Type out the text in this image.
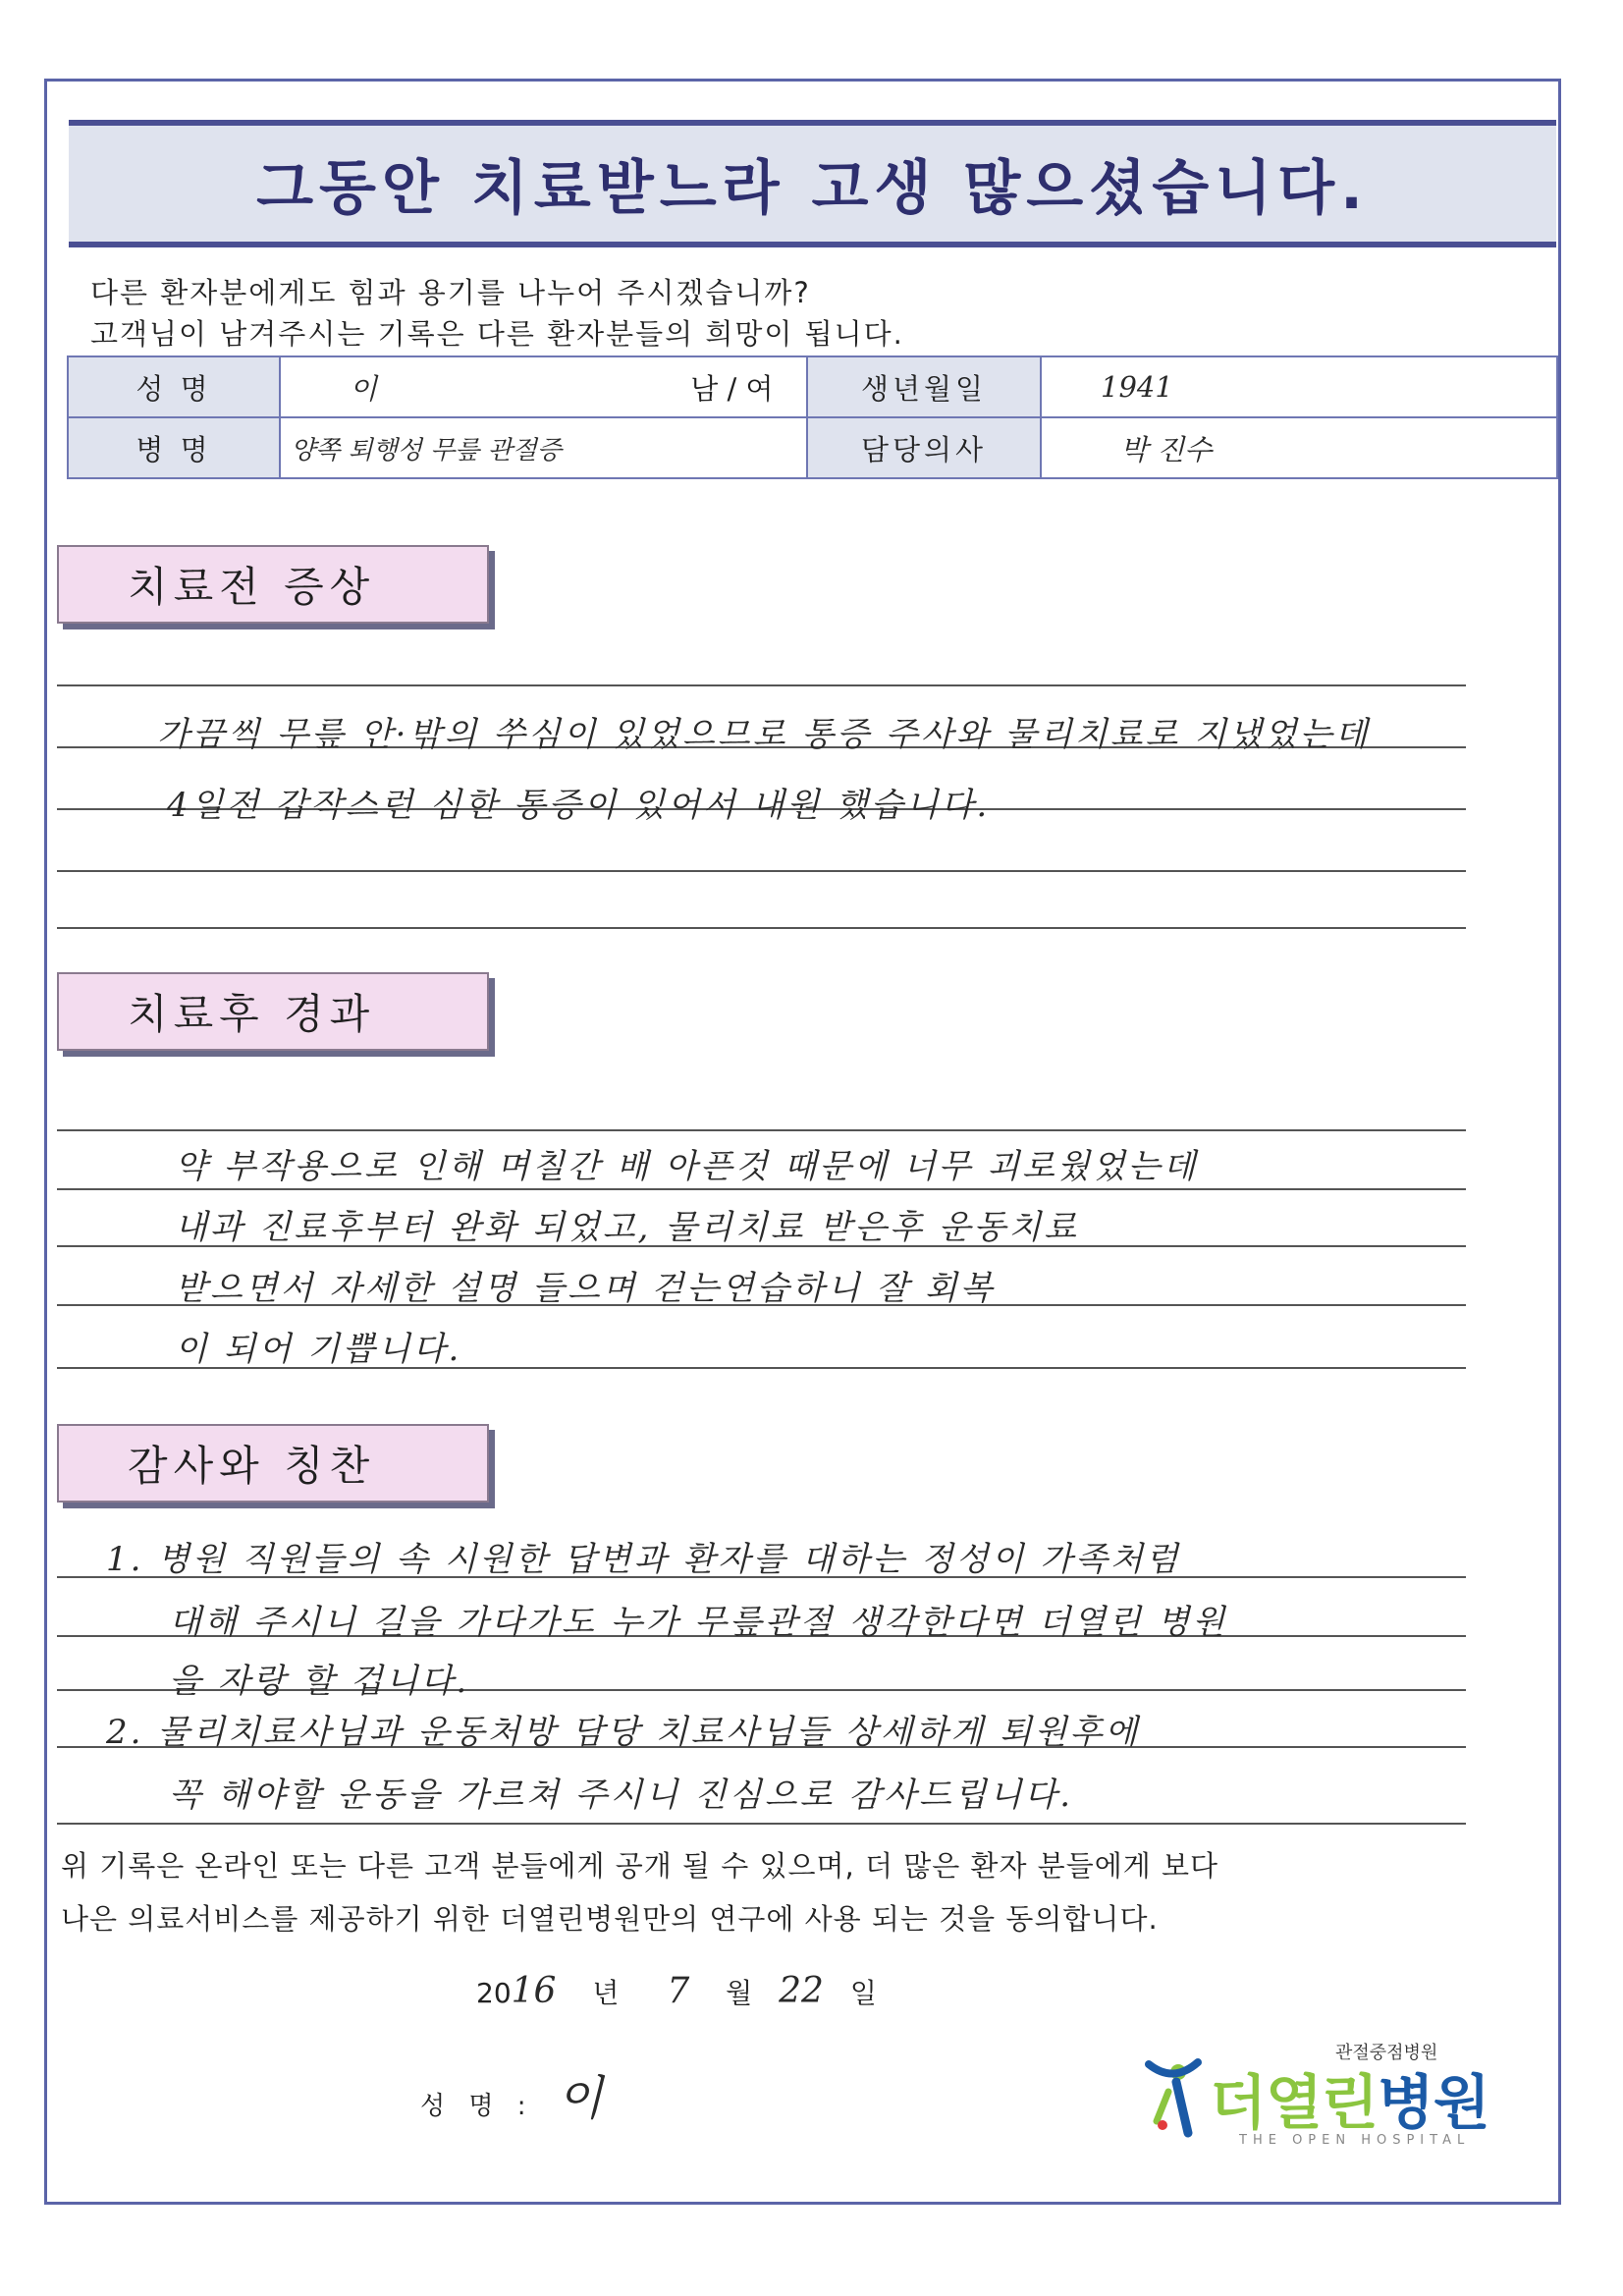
그동안 치료받느라 고생 많으셨습니다.
다른 환자분에게도 힘과 용기를 나누어 주시겠습니까?
고객님이 남겨주시는 기록은 다른 환자분들의 희망이 됩니다.
성 명	이 남 / 여	생년월일	1941
병 명	양쪽 퇴행성 무릎 관절증	담당의사	박 진수
치료전 증상
가끔씩 무릎 안·밖의 쑤심이 있었으므로 통증 주사와 물리치료로 지냈었는데
4일전 갑작스런 심한 통증이 있어서 내원 했습니다.
치료후 경과
약 부작용으로 인해 며칠간 배 아픈것 때문에 너무 괴로웠었는데
내과 진료후부터 완화 되었고, 물리치료 받은후 운동치료
받으면서 자세한 설명 들으며 걷는연습하니 잘 회복
이 되어 기쁩니다.
감사와 칭찬
1. 병원 직원들의 속 시원한 답변과 환자를 대하는 정성이 가족처럼
대해 주시니 길을 가다가도 누가 무릎관절 생각한다면 더열린 병원
을 자랑 할 겁니다.
2. 물리치료사님과 운동처방 담당 치료사님들 상세하게 퇴원후에
꼭 해야할 운동을 가르쳐 주시니 진심으로 감사드립니다.
위 기록은 온라인 또는 다른 고객 분들에게 공개 될 수 있으며, 더 많은 환자 분들에게 보다
나은 의료서비스를 제공하기 위한 더열린병원만의 연구에 사용 되는 것을 동의합니다.
2016 년 7 월 22 일
성 명 : 이
관절중점병원
더열린병원
THE OPEN HOSPITAL
